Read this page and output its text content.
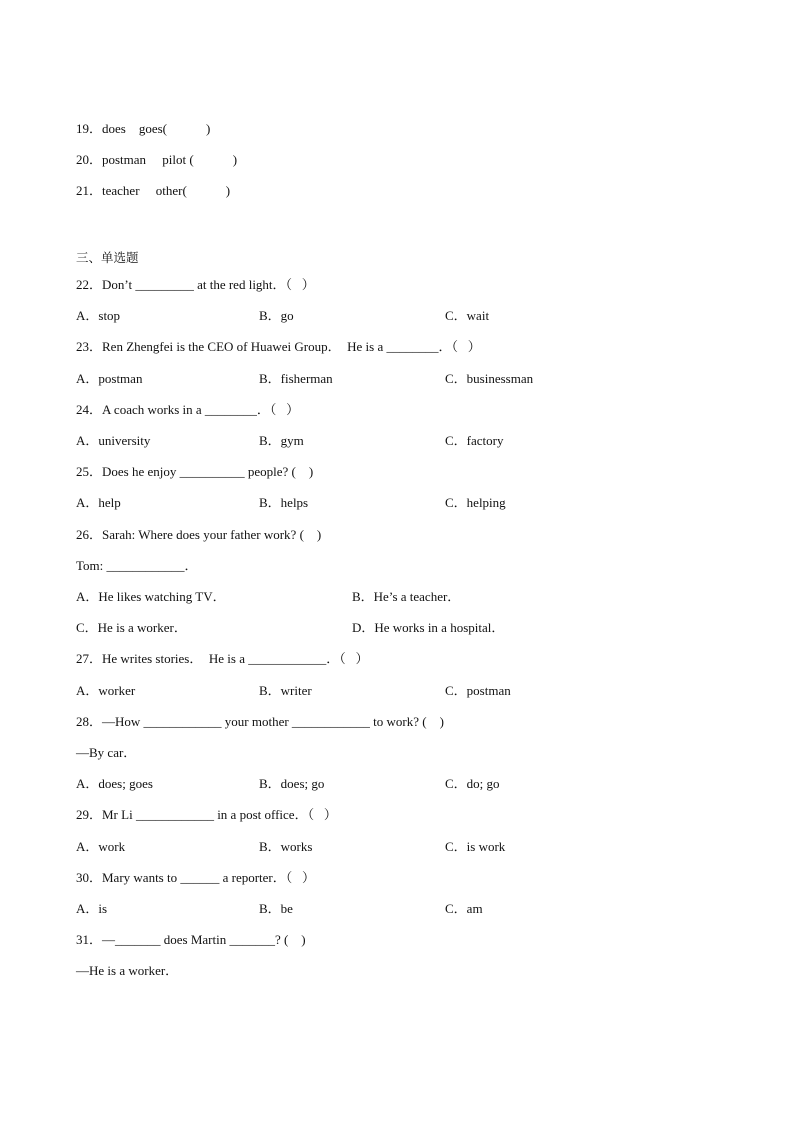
19．does    goes(            )
20．postman     pilot (            )
21．teacher     other(            )
三、单选题
22．Don’t _________ at the red light．（   ）
A．stop	B．go	C．wait
23．Ren Zhengfei is the CEO of Huawei Group．  He is a ________．（   ）
A．postman	B．fisherman	C．businessman
24．A coach works in a ________．（   ）
A．university	B．gym	C．factory
25．Does he enjoy __________ people? (    )
A．help	B．helps	C．helping
26．Sarah: Where does your father work? (    )
Tom: ____________．
A．He likes watching TV．	B．He’s a teacher．
C．He is a worker．	D．He works in a hospital．
27．He writes stories．  He is a ____________．（   ）
A．worker	B．writer	C．postman
28．—How ____________ your mother ____________ to work? (    )
—By car．
A．does; goes	B．does; go	C．do; go
29．Mr Li ____________ in a post office．（   ）
A．work	B．works	C．is work
30．Mary wants to ______ a reporter．（   ）
A．is	B．be	C．am
31．—_______ does Martin _______? (    )
—He is a worker．
